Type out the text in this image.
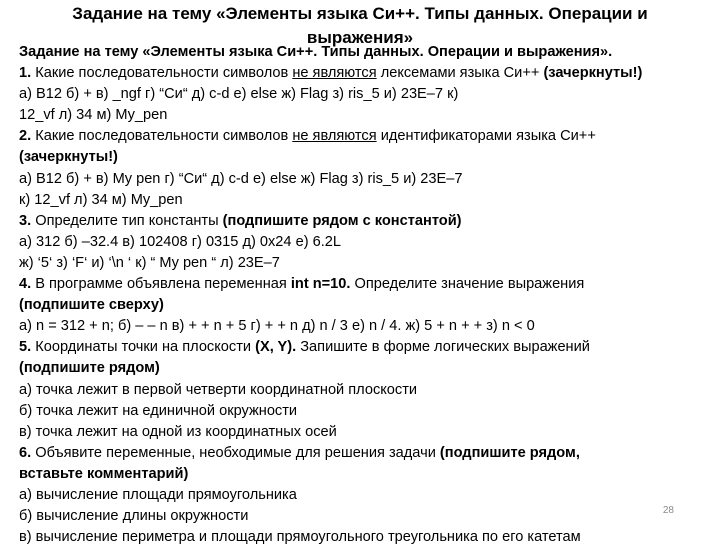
Задание на тему «Элементы языка Си++. Типы данных. Операции и выражения»
Задание на тему «Элементы языка Си++. Типы данных. Операции и выражения».
1. Какие последовательности символов не являются лексемами языка Си++ (зачеркнуты!)
а) B12 б) + в) _ngf г) “Си“ д) c-d е) else ж) Flag з) ris_5 и) 23E–7 к)
12_vf л) 34 м) My_pen
2. Какие последовательности символов не являются идентификаторами языка Си++
(зачеркнуты!)
а) B12 б) + в) My pen г) “Си“ д) c-d е) else ж) Flag з) ris_5 и) 23E–7
к) 12_vf л) 34 м) My_pen
3. Определите тип константы (подпишите рядом с константой)
а) 312 б) –32.4 в) 102408 г) 0315 д) 0x24 е) 6.2L
ж) ‘5‘ з) ‘F‘ и) ‘\n ‘ к) “ My pen “ л) 23E–7
4. В программе объявлена переменная int n=10. Определите значение выражения
(подпишите сверху)
а) n = 312 + n; б) – – n в) + + n + 5 г) + + n д) n / 3 е) n / 4. ж) 5 + n + + з) n < 0
5. Координаты точки на плоскости (X, Y). Запишите в форме логических выражений
(подпишите рядом)
а) точка лежит в первой четверти координатной плоскости
б) точка лежит на единичной окружности
в) точка лежит на одной из координатных осей
6. Объявите переменные, необходимые для решения задачи (подпишите рядом,
вставьте комментарий)
а) вычисление площади прямоугольника
б) вычисление длины окружности
в) вычисление периметра и площади прямоугольного треугольника по его катетам
28
